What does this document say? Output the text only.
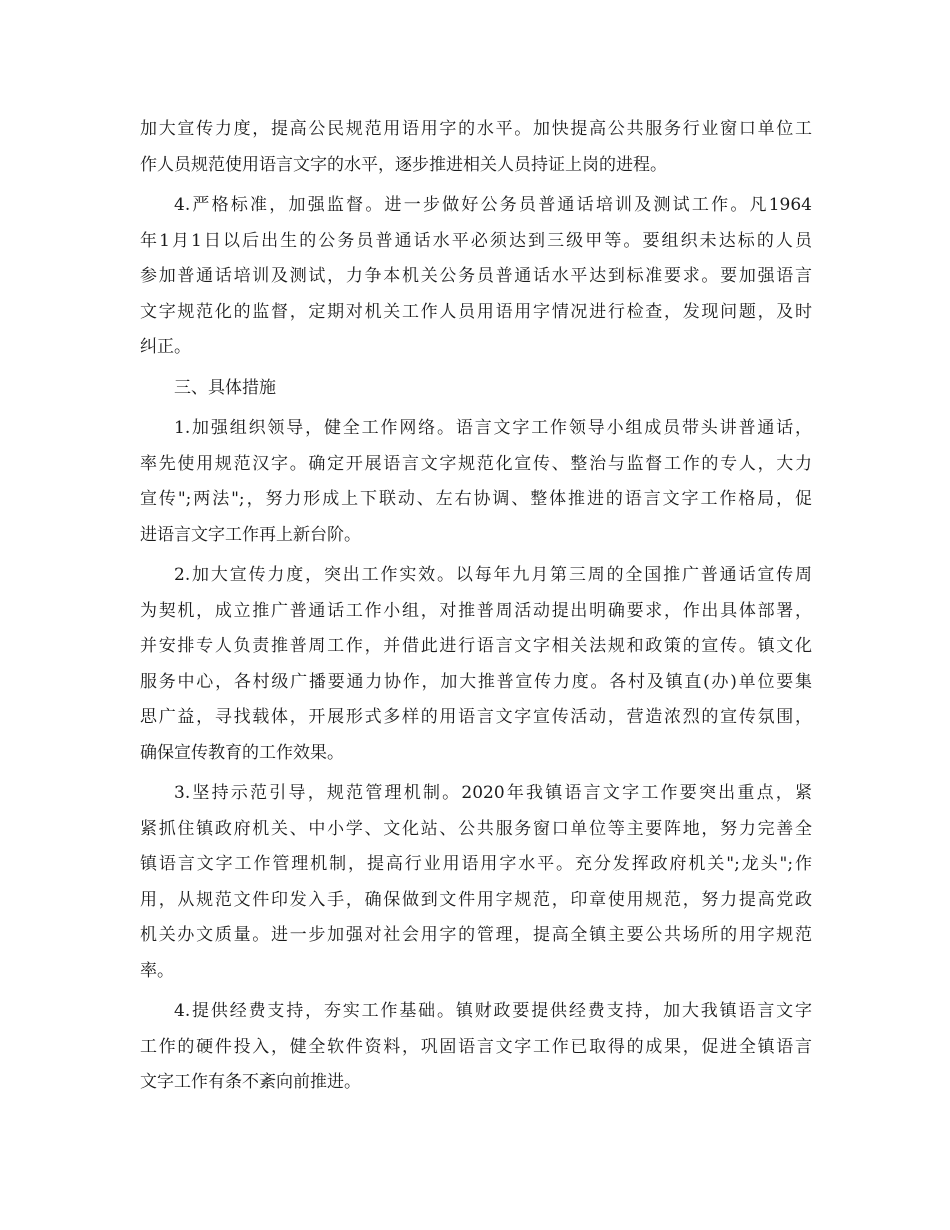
加大宣传力度，提高公民规范用语用字的水平。加快提高公共服务行业窗口单位工
作人员规范使用语言文字的水平，逐步推进相关人员持证上岗的进程。
4.严格标准，加强监督。进一步做好公务员普通话培训及测试工作。凡1964
年1月1日以后出生的公务员普通话水平必须达到三级甲等。要组织未达标的人员
参加普通话培训及测试，力争本机关公务员普通话水平达到标准要求。要加强语言
文字规范化的监督，定期对机关工作人员用语用字情况进行检查，发现问题，及时
纠正。
三、具体措施
1.加强组织领导，健全工作网络。语言文字工作领导小组成员带头讲普通话，
率先使用规范汉字。确定开展语言文字规范化宣传、整治与监督工作的专人，大力
宣传";两法";，努力形成上下联动、左右协调、整体推进的语言文字工作格局，促
进语言文字工作再上新台阶。
2.加大宣传力度，突出工作实效。以每年九月第三周的全国推广普通话宣传周
为契机，成立推广普通话工作小组，对推普周活动提出明确要求，作出具体部署，
并安排专人负责推普周工作，并借此进行语言文字相关法规和政策的宣传。镇文化
服务中心，各村级广播要通力协作，加大推普宣传力度。各村及镇直(办)单位要集
思广益，寻找载体，开展形式多样的用语言文字宣传活动，营造浓烈的宣传氛围，
确保宣传教育的工作效果。
3.坚持示范引导，规范管理机制。2020年我镇语言文字工作要突出重点，紧
紧抓住镇政府机关、中小学、文化站、公共服务窗口单位等主要阵地，努力完善全
镇语言文字工作管理机制，提高行业用语用字水平。充分发挥政府机关";龙头";作
用，从规范文件印发入手，确保做到文件用字规范，印章使用规范，努力提高党政
机关办文质量。进一步加强对社会用字的管理，提高全镇主要公共场所的用字规范
率。
4.提供经费支持，夯实工作基础。镇财政要提供经费支持，加大我镇语言文字
工作的硬件投入，健全软件资料，巩固语言文字工作已取得的成果，促进全镇语言
文字工作有条不紊向前推进。
